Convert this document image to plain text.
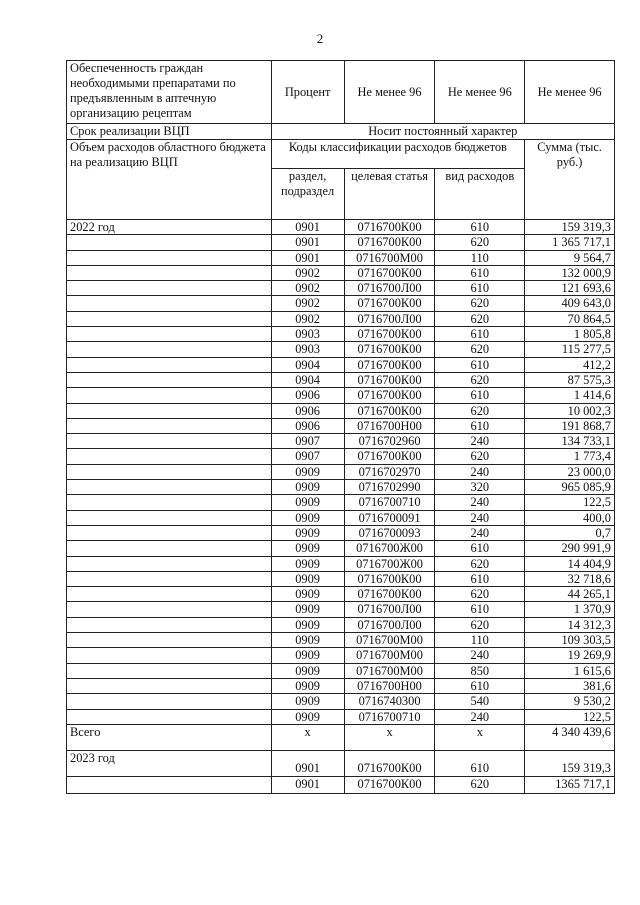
2
Обеспеченность граждан необходимыми препаратами по предъявленным в аптечную организацию рецептам	Процент	Не менее 96	Не менее 96	Не менее 96
Срок реализации ВЦП	Носит постоянный характер			
Объем расходов областного бюджета на реализацию ВЦП	Коды классификации расходов бюджетов			Сумма (тыс. руб.)
	раздел, подраздел	целевая статья	вид расходов	
2022 год	0901	0716700К00	610	159 319,3
	0901	0716700К00	620	1 365 717,1
	0901	0716700М00	110	9 564,7
	0902	0716700К00	610	132 000,9
	0902	0716700Л00	610	121 693,6
	0902	0716700К00	620	409 643,0
	0902	0716700Л00	620	70 864,5
	0903	0716700К00	610	1 805,8
	0903	0716700К00	620	115 277,5
	0904	0716700К00	610	412,2
	0904	0716700К00	620	87 575,3
	0906	0716700К00	610	1 414,6
	0906	0716700К00	620	10 002,3
	0906	0716700Н00	610	191 868,7
	0907	0716702960	240	134 733,1
	0907	0716700К00	620	1 773,4
	0909	0716702970	240	23 000,0
	0909	0716702990	320	965 085,9
	0909	0716700710	240	122,5
	0909	0716700091	240	400,0
	0909	0716700093	240	0,7
	0909	0716700Ж00	610	290 991,9
	0909	0716700Ж00	620	14 404,9
	0909	0716700К00	610	32 718,6
	0909	0716700К00	620	44 265,1
	0909	0716700Л00	610	1 370,9
	0909	0716700Л00	620	14 312,3
	0909	0716700М00	110	109 303,5
	0909	0716700М00	240	19 269,9
	0909	0716700М00	850	1 615,6
	0909	0716700Н00	610	381,6
	0909	0716740300	540	9 530,2
	0909	0716700710	240	122,5
Всего	х	х	х	4 340 439,6
2023 год	0901	0716700К00	610	159 319,3
	0901	0716700К00	620	1365 717,1
